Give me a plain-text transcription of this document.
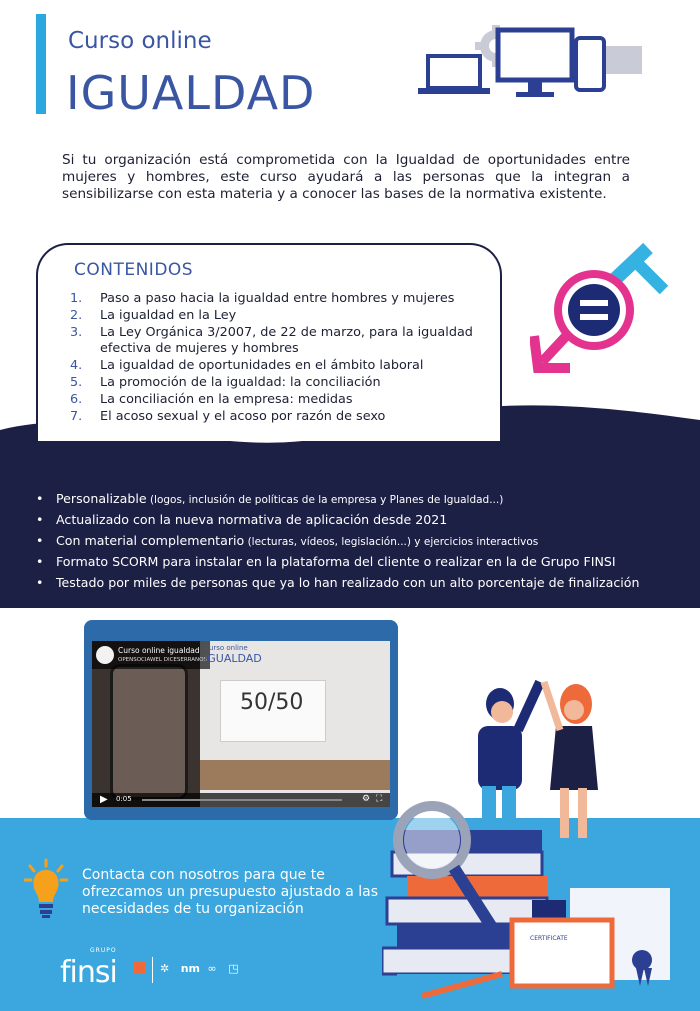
Curso online
IGUALDAD
Si tu organización está comprometida con la Igualdad de oportunidades entre mujeres y hombres, este curso ayudará a las personas que la integran a sensibilizarse con esta materia y a conocer las bases de la normativa existente.
CONTENIDOS
1.	Paso a paso hacia la igualdad entre hombres y mujeres
2.	La igualdad en la Ley
3.	La Ley Orgánica 3/2007, de 22 de marzo, para la igualdad efectiva de mujeres y hombres
4.	La igualdad de oportunidades en el ámbito laboral
5.	La promoción de la igualdad: la conciliación
6.	La conciliación en la empresa: medidas
7.	El acoso sexual y el acoso por razón de sexo
• Personalizable (logos, inclusión de políticas de la empresa y Planes de Igualdad...)
• Actualizado con la nueva normativa de aplicación desde 2021
• Con material complementario (lecturas, vídeos, legislación...) y ejercicios interactivos
• Formato SCORM para instalar en la plataforma del cliente o realizar en la de Grupo FINSI
• Testado por miles de personas que ya lo han realizado con un alto porcentaje de finalización
Curso online igualdad
OPENSOCIAWEL DICESERRANOS
Curso online
IGUALDAD
50/50
▶ 0:05	⚙ ⛶
CERTIFICATE
Contacta con nosotros para que te ofrezcamos un presupuesto ajustado a las necesidades de tu organización
GRUPO
finsi	✲ nm ∞ ◳
